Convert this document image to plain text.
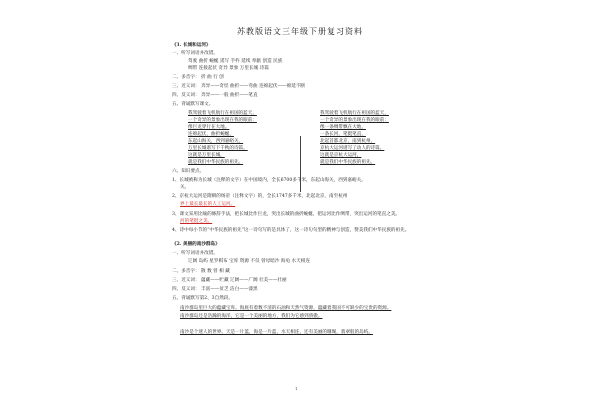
苏教版语文三年级下册复习资料
《1. 长城和运河》
一、听写词语并改错。
驾驶 曲折 蜿蜒 遥写 手杵 延续 奉献 创造 民族
绸带 连接起伏 奇异 景象 万里长城 诗篇
二、多音字： 折 曲 行 创
三、近义词： 奔异——奇怪 曲折——弯曲 连绵起伏——绵延不断
四、反义词： 奔异——一般 曲折——笔直
五、背诵默写课文。
我驾驶着飞机航行在祖国的蓝天，
一个奇异的景象出现在我的眼前：
像巨龙穿行在大地。
连绵起伏，曲折蜿蜒，
东起山海关，西到嘉峪关，
万里长城谱写下千秋的诗篇。
这就是万里长城，
就是我们中华民族的祖先。
我驾驶着飞机航行在祖国的蓝天，
一个奇异的景象出现在我的眼前：
像一条绸带飘在大地，
一条长河，笔挺笔直，
北起首都北京，南到杭州，
京杭大运河谱写了动人的诗篇。
这就是京杭大运河，
就是我们中华民族的祖先。
六、知识要点。
1、长城被称为长城（注释的文字）在中国境内，全长6700多千米，东起山海关，西到嘉峪关。
关。
2、京杭大运河是隋朝的炀帝（注释文字）的，全长1747多千米，北起北京，南至杭州
界上最长最长的人工运河。
3、课文采用比喻的修辞手法，把长城比作巨龙，突出长城的曲折蜿蜒，把运河比作绸带，突出运河的笔直之美。
河的笔挺之美。
4、诗中每小节的“中华民族的祖先”这一诗句写的是具体了，这一诗句句型的精神与创造，赞美我们中华民族的祖先。
《2. 美丽的南沙群岛》
一、听写词语并改错。
辽阔 岛屿 星罗棋布 宝库 资源 不仅 曾母暗沙 海龟 水天相连
二、多音字： 散 数 曾 相 藏
三、近义词： 蕴藏——贮藏 辽阔——广阔 壮美——壮丽
四、反义词： 丰富——贫乏 洁白——漆黑
五、背诵默写第2、3自然段。
南沙群岛里巨大的蕴藏宝库。海底有着数不清的石油和天然气资源，蕴藏着我国不可缺少的宝贵的资源。
南沙群岛还是浩瀚的海洋，它是一个美丽的地方，我们为它感到骄傲。
南沙是个迷人的世界。天是一片蓝，海是一片蓝，水天相连，还有美丽的珊瑚，翡翠般的岛屿。
1
